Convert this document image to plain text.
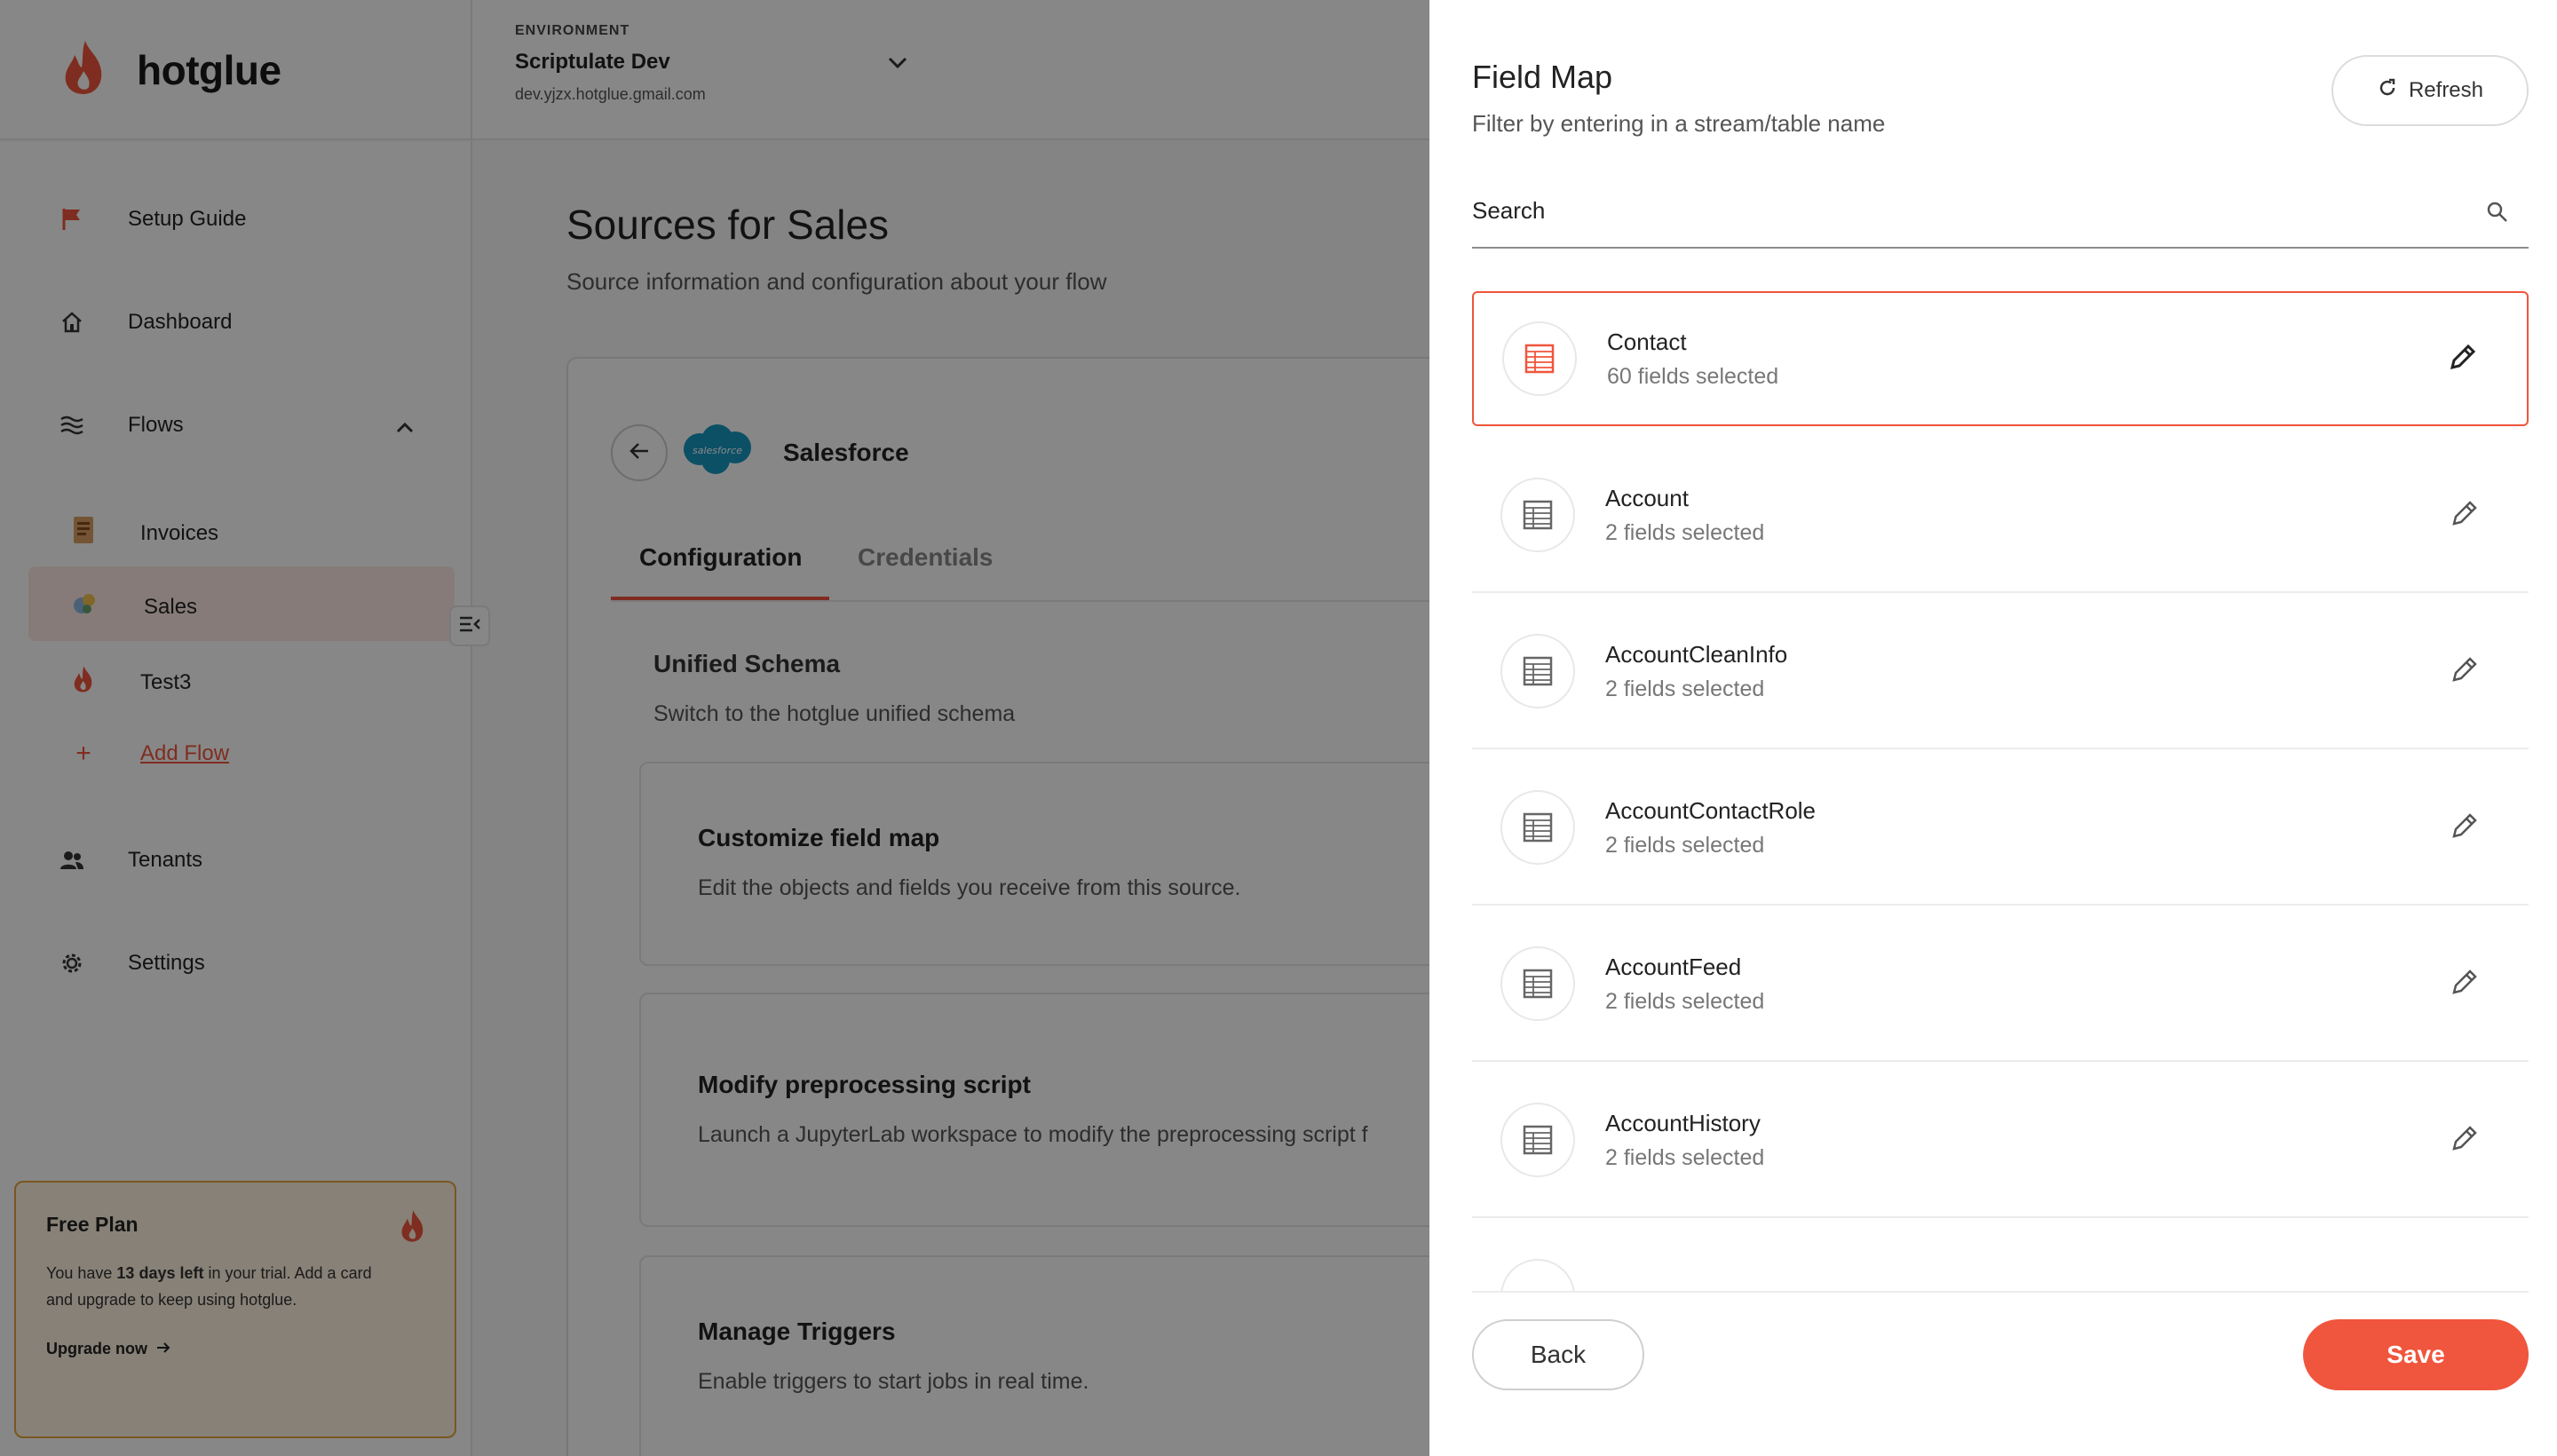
hotglue
ENVIRONMENT
Scriptulate Dev
dev.yjzx.hotglue.gmail.com
Setup Guide
Dashboard
Flows
Invoices
Sales
Test3
+ Add Flow
Tenants
Settings
Free Plan
You have 13 days left in your trial. Add a card and upgrade to keep using hotglue.
Upgrade now
Sources for Sales
Source information and configuration about your flow
salesforce Salesforce
Configuration Credentials
Unified Schema
Switch to the hotglue unified schema
Customize field map
Edit the objects and fields you receive from this source.
Modify preprocessing script
Launch a JupyterLab workspace to modify the preprocessing script f
Manage Triggers
Enable triggers to start jobs in real time.
Field Map
Filter by entering in a stream/table name
Refresh
Search
Contact
60 fields selected
Account
2 fields selected
AccountCleanInfo
2 fields selected
AccountContactRole
2 fields selected
AccountFeed
2 fields selected
AccountHistory
2 fields selected
Back	Save
